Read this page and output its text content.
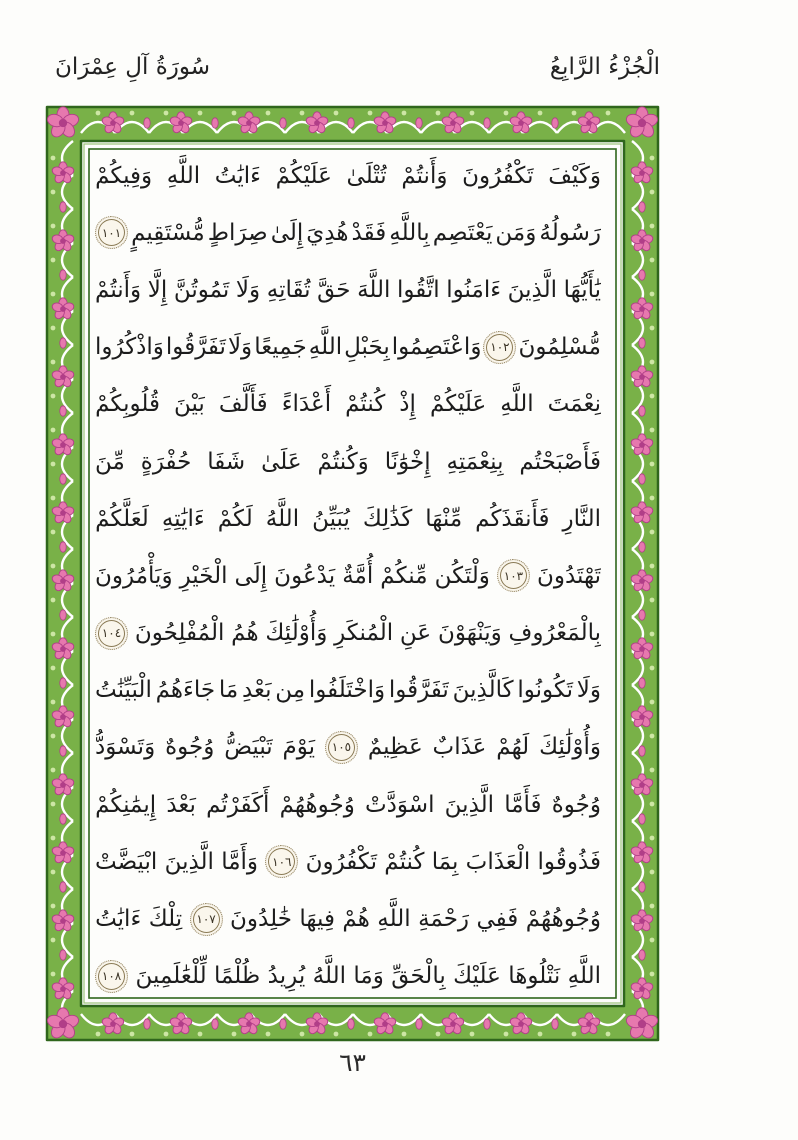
الْجُزْءُ الرَّابِعُ
سُورَةُ آلِ عِمْرَانَ
وَكَيْفَ
تَكْفُرُونَ
وَأَنتُمْ
تُتْلَىٰ
عَلَيْكُمْ
ءَايَٰتُ
اللَّهِ
وَفِيكُمْ
رَسُولُهُ
وَمَن
يَعْتَصِم
بِاللَّهِ
فَقَدْ
هُدِيَ
إِلَىٰ
صِرَاطٍ
مُّسْتَقِيمٍ
١٠١
يَٰأَيُّهَا
الَّذِينَ
ءَامَنُوا
اتَّقُوا
اللَّهَ
حَقَّ
تُقَاتِهِ
وَلَا
تَمُوتُنَّ
إِلَّا
وَأَنتُمْ
مُّسْلِمُونَ
١٠٢
وَاعْتَصِمُوا
بِحَبْلِ
اللَّهِ
جَمِيعًا
وَلَا
تَفَرَّقُوا
وَاذْكُرُوا
نِعْمَتَ
اللَّهِ
عَلَيْكُمْ
إِذْ
كُنتُمْ
أَعْدَاءً
فَأَلَّفَ
بَيْنَ
قُلُوبِكُمْ
فَأَصْبَحْتُم
بِنِعْمَتِهِ
إِخْوَٰنًا
وَكُنتُمْ
عَلَىٰ
شَفَا
حُفْرَةٍ
مِّنَ
النَّارِ
فَأَنقَذَكُم
مِّنْهَا
كَذَٰلِكَ
يُبَيِّنُ
اللَّهُ
لَكُمْ
ءَايَٰتِهِ
لَعَلَّكُمْ
تَهْتَدُونَ
١٠٣
وَلْتَكُن
مِّنكُمْ
أُمَّةٌ
يَدْعُونَ
إِلَى
الْخَيْرِ
وَيَأْمُرُونَ
بِالْمَعْرُوفِ
وَيَنْهَوْنَ
عَنِ
الْمُنكَرِ
وَأُوْلَٰئِكَ
هُمُ
الْمُفْلِحُونَ
١٠٤
وَلَا
تَكُونُوا
كَالَّذِينَ
تَفَرَّقُوا
وَاخْتَلَفُوا
مِن
بَعْدِ
مَا
جَاءَهُمُ
الْبَيِّنَٰتُ
وَأُوْلَٰئِكَ
لَهُمْ
عَذَابٌ
عَظِيمٌ
١٠٥
يَوْمَ
تَبْيَضُّ
وُجُوهٌ
وَتَسْوَدُّ
وُجُوهٌ
فَأَمَّا
الَّذِينَ
اسْوَدَّتْ
وُجُوهُهُمْ
أَكَفَرْتُم
بَعْدَ
إِيمَٰنِكُمْ
فَذُوقُوا
الْعَذَابَ
بِمَا
كُنتُمْ
تَكْفُرُونَ
١٠٦
وَأَمَّا
الَّذِينَ
ابْيَضَّتْ
وُجُوهُهُمْ
فَفِي
رَحْمَةِ
اللَّهِ
هُمْ
فِيهَا
خَٰلِدُونَ
١٠٧
تِلْكَ
ءَايَٰتُ
اللَّهِ
نَتْلُوهَا
عَلَيْكَ
بِالْحَقِّ
وَمَا
اللَّهُ
يُرِيدُ
ظُلْمًا
لِّلْعَٰلَمِينَ
١٠٨
٦٣
